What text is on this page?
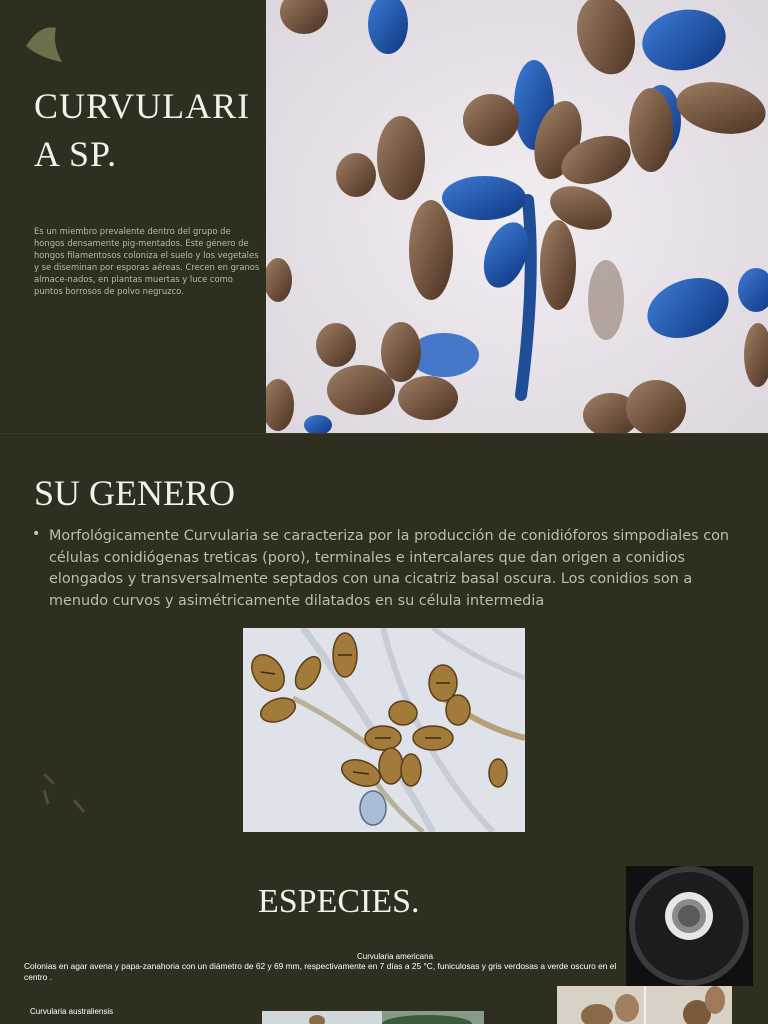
CURVULARIA SP.
Es un miembro prevalente dentro del grupo de hongos densamente pig-mentados. Este género de hongos filamentosos coloniza el suelo y los vegetales y se diseminan por esporas aéreas. Crecen en granos almace-nados, en plantas muertas y luce como puntos borrosos de polvo negruzco.
SU GENERO
• Morfológicamente Curvularia se caracteriza por la producción de conidióforos simpodiales con células conidiógenas treticas (poro), terminales e intercalares que dan origen a conidios elongados y transversalmente septados con una cicatriz basal oscura. Los conidios son a menudo curvos y asimétricamente dilatados en su célula intermedia
ESPECIES.
Curvularia americana
Colonias en agar avena y papa-zanahoria con un diámetro de 62 y 69 mm, respectivamente en 7 días a 25 °C, funiculosas y gris verdosas a verde oscuro en el centro .
Curvularia australiensis
